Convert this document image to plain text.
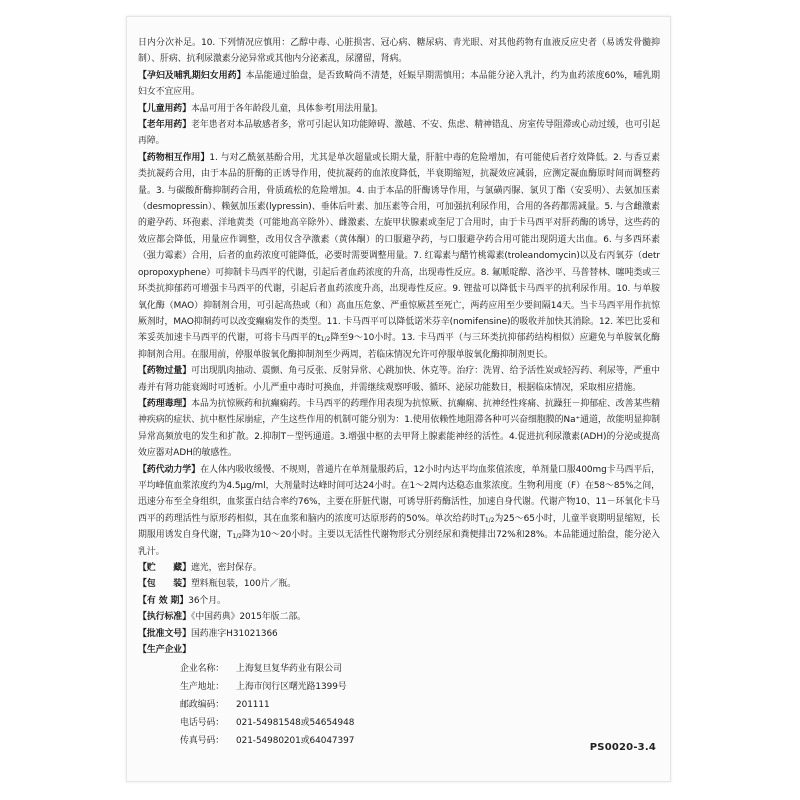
日内分次补足。10. 下列情况应慎用：乙醇中毒、心脏损害、冠心病、糖尿病、青光眼、对其他药物有血液反应史者（易诱发骨髓抑制）、肝病、抗利尿激素分泌异常或其他内分泌紊乱，尿潴留，肾病。

【孕妇及哺乳期妇女用药】本品能通过胎盘，是否致畸尚不清楚，妊娠早期需慎用；本品能分泌入乳汁，约为血药浓度60%，哺乳期妇女不宜应用。

【儿童用药】本品可用于各年龄段儿童，具体参考[用法用量]。

【老年用药】老年患者对本品敏感者多，常可引起认知功能障碍、激越、不安、焦虑、精神错乱、房室传导阻滞或心动过缓，也可引起再障。

【药物相互作用】1. 与对乙酰氨基酚合用，尤其是单次超量或长期大量，肝脏中毒的危险增加，有可能使后者疗效降低。2. 与香豆素类抗凝药合用，由于本品的肝酶的正诱导作用，使抗凝药的血浓度降低，半衰期缩短，抗凝效应减弱，应测定凝血酶原时间而调整药量。3. 与碳酸酐酶抑制药合用，骨质疏松的危险增加。4. 由于本品的肝酶诱导作用，与氯磺丙脲、氯贝丁酯（安妥明）、去氨加压素（desmopressin）、赖氨加压素(lypressin)、垂体后叶素、加压素等合用，可加强抗利尿作用，合用的各药都需减量。5. 与含雌激素的避孕药、环孢素、洋地黄类（可能地高辛除外）、雌激素、左旋甲状腺素或奎尼丁合用时，由于卡马西平对肝药酶的诱导，这些药的效应都会降低，用量应作调整，改用仅含孕激素（黄体酮）的口服避孕药，与口服避孕药合用可能出现阴道大出血。6. 与多西环素（强力霉素）合用，后者的血药浓度可能降低，必要时需要调整用量。7. 红霉素与醋竹桃霉素(troleandomycin)以及右丙氧芬（detropropoxyphene）可抑制卡马西平的代谢，引起后者血药浓度的升高，出现毒性反应。8. 氟哌啶醇、洛沙平、马普替林、噻吨类或三环类抗抑郁药可增强卡马西平的代谢，引起后者血药浓度升高，出现毒性反应。9. 锂盐可以降低卡马西平的抗利尿作用。10. 与单胺氧化酶（MAO）抑制剂合用，可引起高热或（和）高血压危象、严重惊厥甚至死亡，两药应用至少要间隔14天。当卡马西平用作抗惊厥剂时，MAO抑制药可以改变癫痫发作的类型。11. 卡马西平可以降低诺米芬辛(nomifensine)的吸收并加快其消除。12. 苯巴比妥和苯妥英加速卡马西平的代谢，可将卡马西平的$t_{1/2}$降至9～10小时。13. 卡马西平（与三环类抗抑郁药结构相似）应避免与单胺氧化酶抑制剂合用。在服用前，停服单胺氧化酶抑制剂至少两周，若临床情况允许可停服单胺氧化酶抑制剂更长。

【药物过量】可出现肌肉抽动、震颤、角弓反张、反射异常、心跳加快、休克等。治疗：洗胃、给予活性炭或轻泻药、利尿等，严重中毒并有肾功能衰竭时可透析。小儿严重中毒时可换血，并需继续观察呼吸、循环、泌尿功能数日，根据临床情况，采取相应措施。

【药理毒理】本品为抗惊厥药和抗癫痫药。卡马西平的药理作用表现为抗惊厥、抗癫痫、抗神经性疼痛、抗躁狂－抑郁症、改善某些精神疾病的症状、抗中枢性尿崩症，产生这些作用的机制可能分别为：1.使用依赖性地阻滞各种可兴奋细胞膜的Na⁺通道，故能明显抑制异常高频放电的发生和扩散。2.抑制T－型钙通道。3.增强中枢的去甲肾上腺素能神经的活性。4.促进抗利尿激素(ADH)的分泌或提高效应器对ADH的敏感性。

【药代动力学】在人体内吸收缓慢、不规则，普通片在单剂量服药后，12小时内达平均血浆值浓度，单剂量口服400mg卡马西平后，平均峰值血浆浓度约为4.5μg/ml，大剂量时达峰时间可达24小时。在1～2周内达稳态血浆浓度。生物利用度（F）在58～85%之间，迅速分布至全身组织，血浆蛋白结合率约76%，主要在肝脏代谢，可诱导肝药酶活性，加速自身代谢。代谢产物10、11－环氧化卡马西平的药理活性与原形药相似，其在血浆和脑内的浓度可达原形药的50%。单次给药时$T_{1/2}$为25～65小时，儿童半衰期明显缩短，长期服用诱发自身代谢，$T_{1/2}$降为10～20小时。主要以无活性代谢物形式分别经尿和粪便排出72%和28%。本品能通过胎盘，能分泌入乳汁。

【贮　　藏】遮光，密封保存。

【包　　装】塑料瓶包装，100片／瓶。

【有 效 期】36个月。

【执行标准】《中国药典》2015年版二部。

【批准文号】国药准字H31021366

【生产企业】

企业名称：	上海复旦复华药业有限公司
生产地址：	上海市闵行区曙光路1399号
邮政编码：	201111
电话号码：	021-54981548或54654948
传真号码：	021-54980201或64047397
PS0020-3.4
